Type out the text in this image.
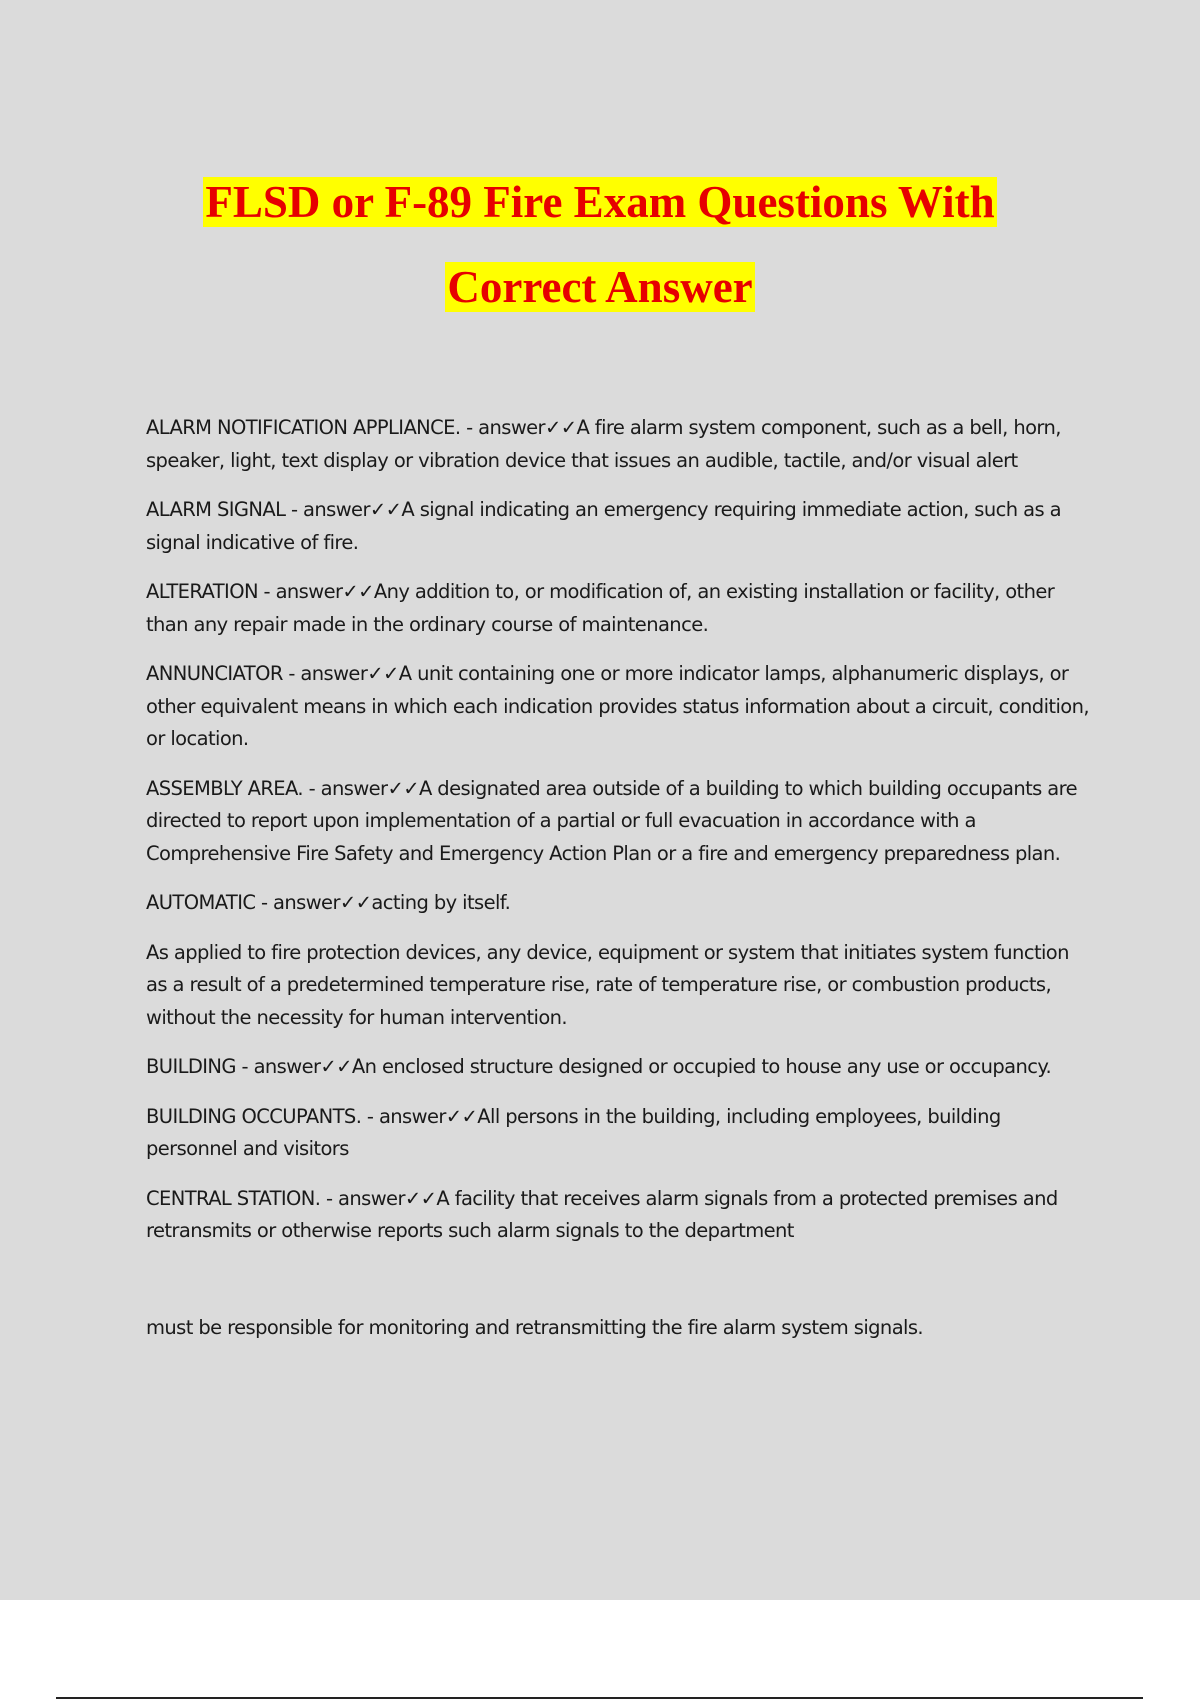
FLSD or F-89 Fire Exam Questions With
Correct Answer

ALARM NOTIFICATION APPLIANCE. - answer✓✓A fire alarm system component, such as a bell, horn, speaker, light, text display or vibration device that issues an audible, tactile, and/or visual alert

ALARM SIGNAL - answer✓✓A signal indicating an emergency requiring immediate action, such as a signal indicative of fire.

ALTERATION - answer✓✓Any addition to, or modification of, an existing installation or facility, other than any repair made in the ordinary course of maintenance.

ANNUNCIATOR - answer✓✓A unit containing one or more indicator lamps, alphanumeric displays, or other equivalent means in which each indication provides status information about a circuit, condition, or location.

ASSEMBLY AREA. - answer✓✓A designated area outside of a building to which building occupants are directed to report upon implementation of a partial or full evacuation in accordance with a Comprehensive Fire Safety and Emergency Action Plan or a fire and emergency preparedness plan.

AUTOMATIC - answer✓✓acting by itself.

As applied to fire protection devices, any device, equipment or system that initiates system function as a result of a predetermined temperature rise, rate of temperature rise, or combustion products, without the necessity for human intervention.

BUILDING - answer✓✓An enclosed structure designed or occupied to house any use or occupancy.

BUILDING OCCUPANTS. - answer✓✓All persons in the building, including employees, building personnel and visitors

CENTRAL STATION. - answer✓✓A facility that receives alarm signals from a protected premises and retransmits or otherwise reports such alarm signals to the department

must be responsible for monitoring and retransmitting the fire alarm system signals.
